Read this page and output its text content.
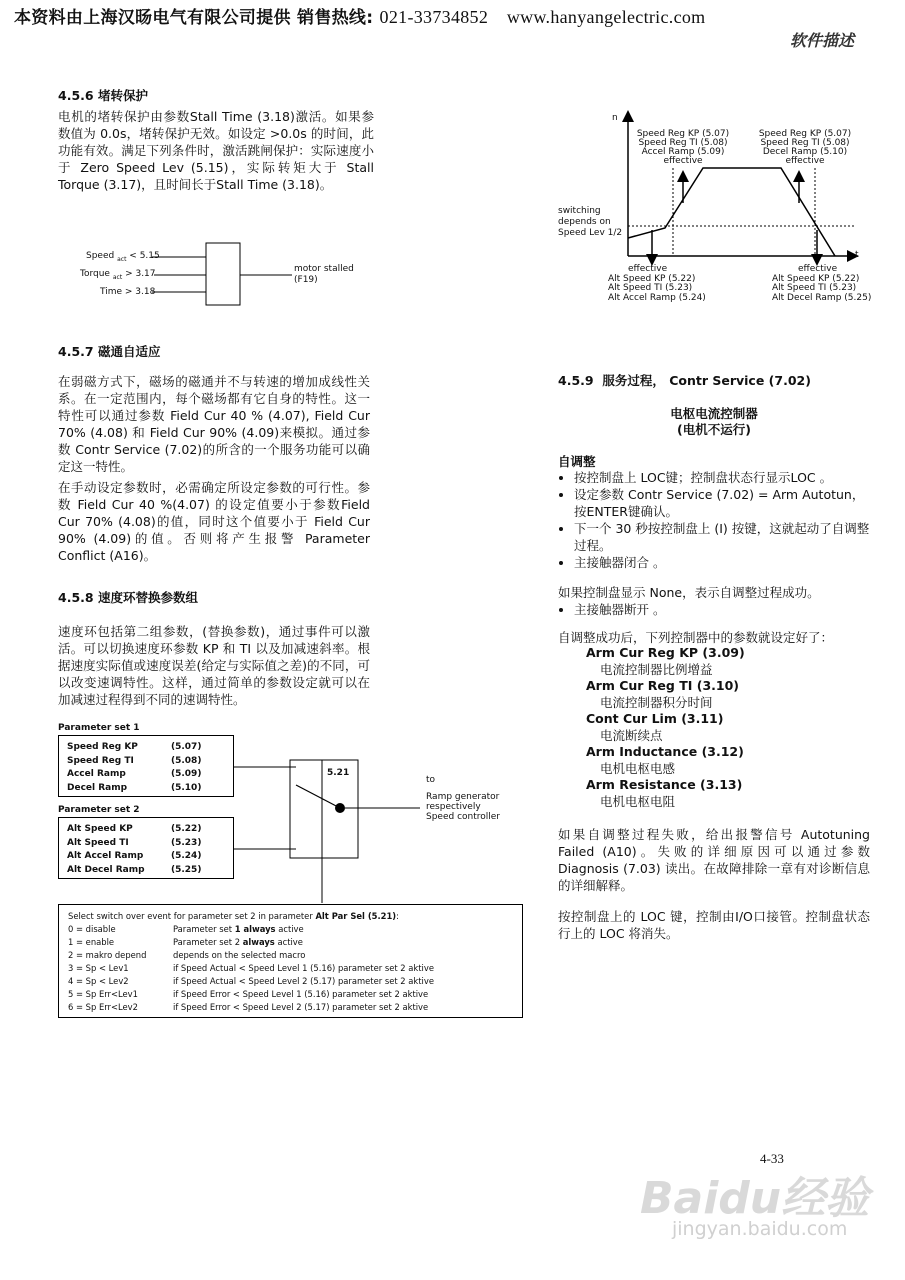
本资料由上海汉旸电气有限公司提供 销售热线: 021-33734852 www.hanyangelectric.com
软件描述
4.5.6 堵转保护

电机的堵转保护由参数Stall Time (3.18)激活。如果参数值为 0.0s，堵转保护无效。如设定 >0.0s 的时间，此功能有效。满足下列条件时，激活跳闸保护：实际速度小于 Zero Speed Lev (5.15)，实际转矩大于 Stall Torque (3.17)，且时间长于Stall Time (3.18)。

Speed $_{act}$ < 5.15
Torque $_{act}$ > 3.17
Time > 3.18
motor stalled
(F19)
4.5.7 磁通自适应

在弱磁方式下，磁场的磁通并不与转速的增加成线性关系。在一定范围内，每个磁场都有它自身的特性。这一特性可以通过参数 Field Cur 40 % (4.07), Field Cur 70% (4.08) 和 Field Cur 90% (4.09)来模拟。通过参数 Contr Service (7.02)的所含的一个服务功能可以确定这一特性。

在手动设定参数时，必需确定所设定参数的可行性。参数 Field Cur 40 %(4.07) 的设定值要小于参数Field Cur 70% (4.08)的值，同时这个值要小于 Field Cur 90% (4.09)的值。否则将产生报警 Parameter Conflict (A16)。

4.5.8 速度环替换参数组

速度环包括第二组参数，(替换参数)，通过事件可以激活。可以切换速度环参数 KP 和 TI 以及加减速斜率。根据速度实际值或速度误差(给定与实际值之差)的不同，可以改变速调特性。这样，通过简单的参数设定就可以在加减速过程得到不同的速调特性。

Parameter set 1
Speed Reg KP	(5.07)
Speed Reg TI	(5.08)
Accel Ramp	(5.09)
Decel Ramp	(5.10)
Parameter set 2
Alt Speed KP	(5.22)
Alt Speed TI	(5.23)
Alt Accel Ramp	(5.24)
Alt Decel Ramp	(5.25)
5.21
to
Ramp generator
respectively
Speed controller
Select switch over event for parameter set 2 in parameter Alt Par Sel (5.21):
0 = disable	Parameter set 1 always active
1 = enable	Parameter set 2 always active
2 = makro depend	depends on the selected macro
3 = Sp < Lev1	if Speed Actual < Speed Level 1 (5.16) parameter set 2 aktive
4 = Sp < Lev2	if Speed Actual < Speed Level 2 (5.17) parameter set 2 aktive
5 = Sp Err<Lev1	if Speed Error < Speed Level 1 (5.16) parameter set 2 aktive
6 = Sp Err<Lev2	if Speed Error < Speed Level 2 (5.17) parameter set 2 aktive
n
t
Speed Reg KP (5.07)
Speed Reg TI (5.08)
Accel Ramp (5.09)
effective
Speed Reg KP (5.07)
Speed Reg TI (5.08)
Decel Ramp (5.10)
effective
switching
depends on
Speed Lev 1/2
effective
Alt Speed KP (5.22)
Alt Speed TI (5.23)
Alt Accel Ramp (5.24)
effective
Alt Speed KP (5.22)
Alt Speed TI (5.23)
Alt Decel Ramp (5.25)
4.5.9 服务过程， Contr Service (7.02)
电枢电流控制器
(电机不运行)
自调整
• 按控制盘上 LOC键；控制盘状态行显示LOC 。
• 设定参数 Contr Service (7.02) = Arm Autotun，按ENTER键确认。
• 下一个 30 秒按控制盘上 (I) 按键，这就起动了自调整过程。
• 主接触器闭合 。

如果控制盘显示 None，表示自调整过程成功。

• 主接触器断开 。

自调整成功后，下列控制器中的参数就设定好了：

Arm Cur Reg KP (3.09)
电流控制器比例增益
Arm Cur Reg TI (3.10)
电流控制器积分时间
Cont Cur Lim (3.11)
电流断续点
Arm Inductance (3.12)
电机电枢电感
Arm Resistance (3.13)
电机电枢电阻

如果自调整过程失败，给出报警信号 Autotuning Failed (A10)。失败的详细原因可以通过参数 Diagnosis (7.03) 读出。在故障排除一章有对诊断信息的详细解释。

按控制盘上的 LOC 键，控制由I/O口接管。控制盘状态行上的 LOC 将消失。

4-33
Baidu经验
jingyan.baidu.com
